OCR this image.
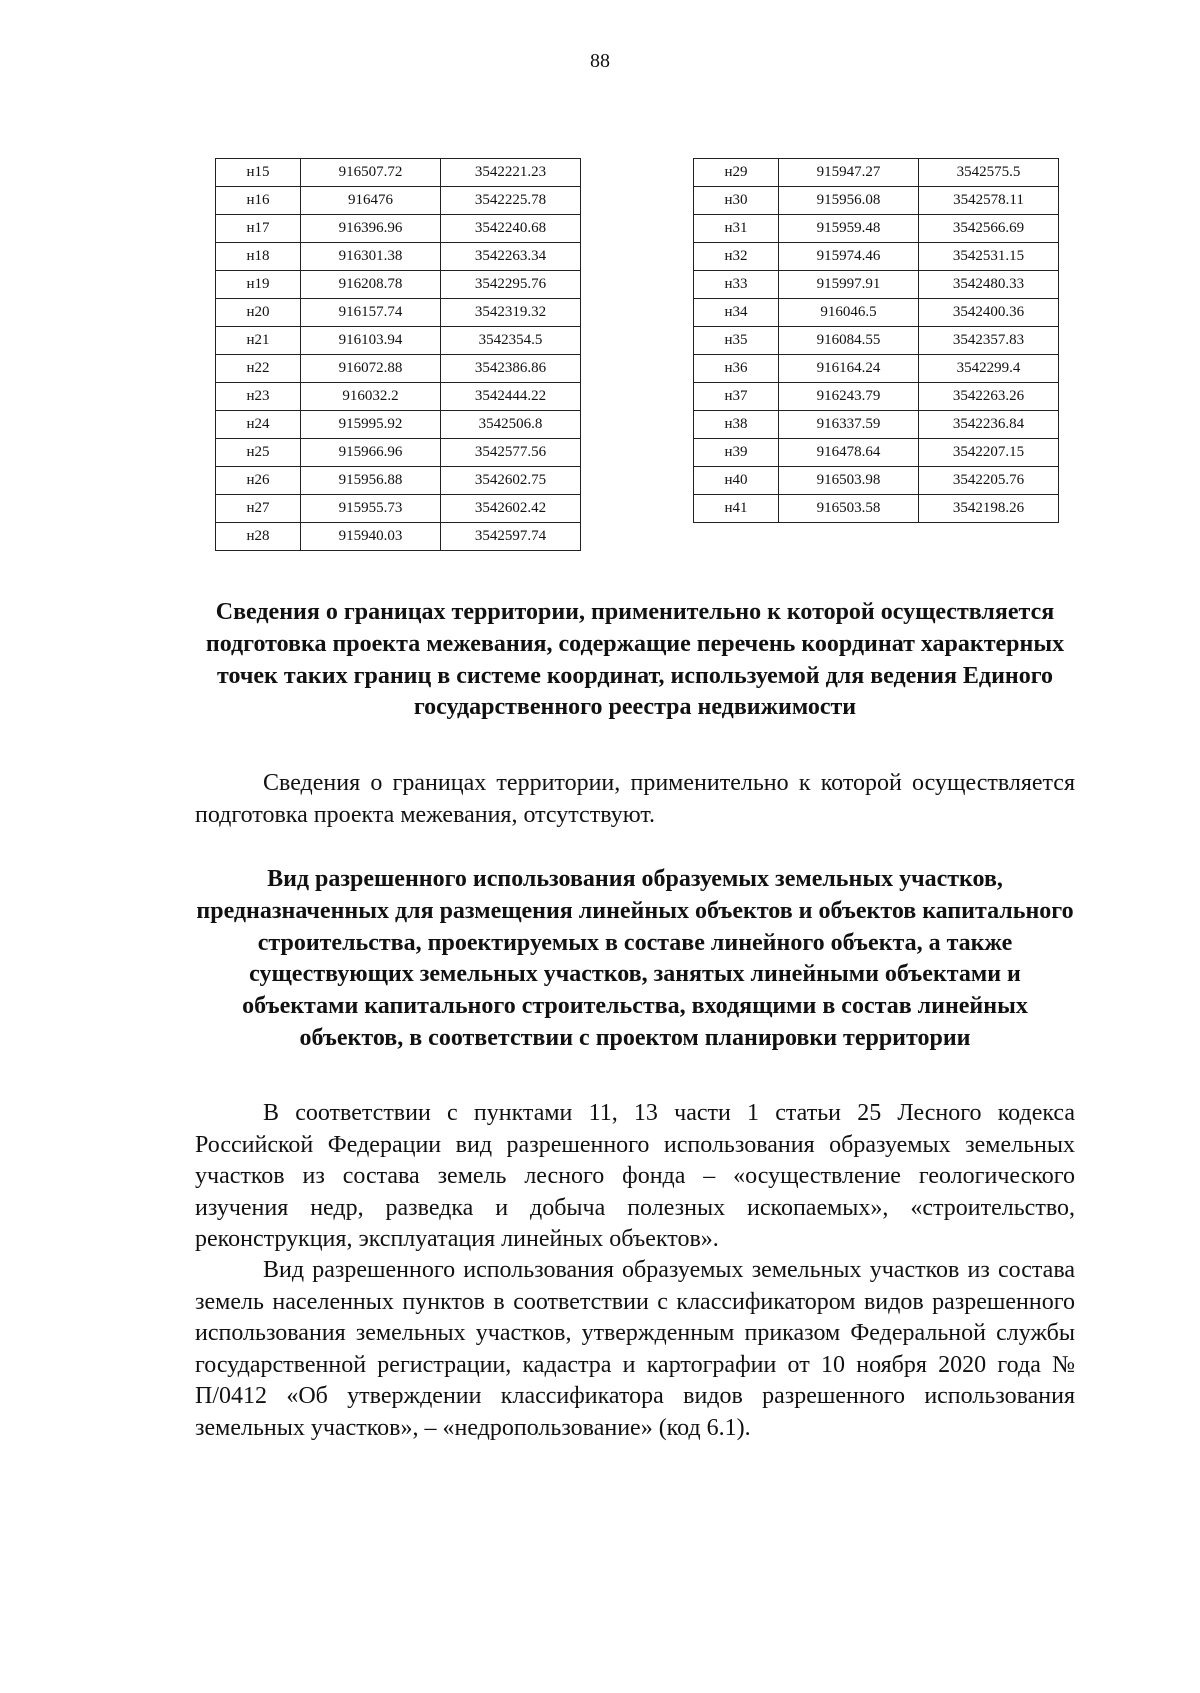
88
н15	916507.72	3542221.23
н16	916476	3542225.78
н17	916396.96	3542240.68
н18	916301.38	3542263.34
н19	916208.78	3542295.76
н20	916157.74	3542319.32
н21	916103.94	3542354.5
н22	916072.88	3542386.86
н23	916032.2	3542444.22
н24	915995.92	3542506.8
н25	915966.96	3542577.56
н26	915956.88	3542602.75
н27	915955.73	3542602.42
н28	915940.03	3542597.74
н29	915947.27	3542575.5
н30	915956.08	3542578.11
н31	915959.48	3542566.69
н32	915974.46	3542531.15
н33	915997.91	3542480.33
н34	916046.5	3542400.36
н35	916084.55	3542357.83
н36	916164.24	3542299.4
н37	916243.79	3542263.26
н38	916337.59	3542236.84
н39	916478.64	3542207.15
н40	916503.98	3542205.76
н41	916503.58	3542198.26
Сведения о границах территории, применительно к которой осуществляется подготовка проекта межевания, содержащие перечень координат характерных точек таких границ в системе координат, используемой для ведения Единого государственного реестра недвижимости
Сведения о границах территории, применительно к которой осуществляется подготовка проекта межевания, отсутствуют.
Вид разрешенного использования образуемых земельных участков, предназначенных для размещения линейных объектов и объектов капитального строительства, проектируемых в составе линейного объекта, а также существующих земельных участков, занятых линейными объектами и объектами капитального строительства, входящими в состав линейных объектов, в соответствии с проектом планировки территории
В соответствии с пунктами 11, 13 части 1 статьи 25 Лесного кодекса Российской Федерации вид разрешенного использования образуемых земельных участков из состава земель лесного фонда – «осуществление геологического изучения недр, разведка и добыча полезных ископаемых», «строительство, реконструкция, эксплуатация линейных объектов».
Вид разрешенного использования образуемых земельных участков из состава земель населенных пунктов в соответствии с классификатором видов разрешенного использования земельных участков, утвержденным приказом Федеральной службы государственной регистрации, кадастра и картографии от 10 ноября 2020 года № П/0412 «Об утверждении классификатора видов разрешенного использования земельных участков», – «недропользование» (код 6.1).
